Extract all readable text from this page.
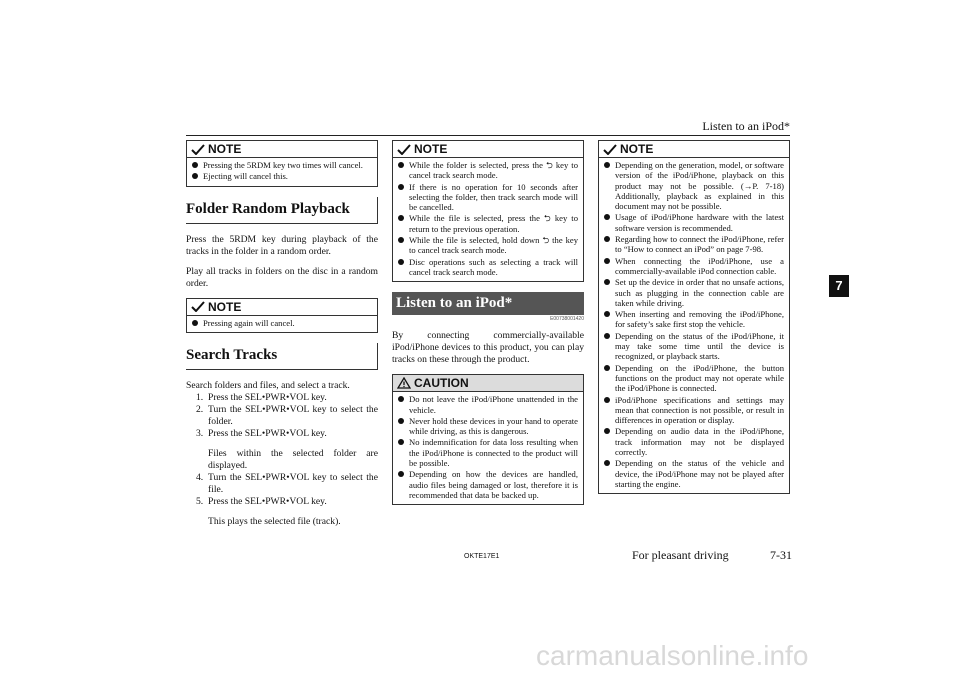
Listen to an iPod*
7
NOTE
Pressing the 5RDM key two times will cancel.
Ejecting will cancel this.
Folder Random Playback

Press the 5RDM key during playback of the tracks in the folder in a random order.

Play all tracks in folders on the disc in a random order.

NOTE
Pressing again will cancel.
Search Tracks

Search folders and files, and select a track.

1. Press the SEL•PWR•VOL key.
2. Turn the SEL•PWR•VOL key to select the folder.
3. Press the SEL•PWR•VOL key.
Files within the selected folder are displayed.
4. Turn the SEL•PWR•VOL key to select the file.
5. Press the SEL•PWR•VOL key.
This plays the selected file (track).
NOTE
While the folder is selected, press the ⮌ key to cancel track search mode.
If there is no operation for 10 seconds after selecting the folder, then track search mode will be cancelled.
While the file is selected, press the ⮌ key to return to the previous operation.
While the file is selected, hold down ⮌ the key to cancel track search mode.
Disc operations such as selecting a track will cancel track search mode.
Listen to an iPod*
E00738001420

By connecting commercially-available iPod/iPhone devices to this product, you can play tracks on these through the product.

CAUTION
Do not leave the iPod/iPhone unattended in the vehicle.
Never hold these devices in your hand to operate while driving, as this is dangerous.
No indemnification for data loss resulting when the iPod/iPhone is connected to the product will be possible.
Depending on how the devices are handled, audio files being damaged or lost, therefore it is recommended that data be backed up.
NOTE
Depending on the generation, model, or software version of the iPod/iPhone, playback on this product may not be possible. (→P. 7-18) Additionally, playback as explained in this document may not be possible.
Usage of iPod/iPhone hardware with the latest software version is recommended.
Regarding how to connect the iPod/iPhone, refer to “How to connect an iPod” on page 7-98.
When connecting the iPod/iPhone, use a commercially-available iPod connection cable.
Set up the device in order that no unsafe actions, such as plugging in the connection cable are taken while driving.
When inserting and removing the iPod/iPhone, for safety’s sake first stop the vehicle.
Depending on the status of the iPod/iPhone, it may take some time until the device is recognized, or playback starts.
Depending on the iPod/iPhone, the button functions on the product may not operate while the iPod/iPhone is connected.
iPod/iPhone specifications and settings may mean that connection is not possible, or result in differences in operation or display.
Depending on audio data in the iPod/iPhone, track information may not be displayed correctly.
Depending on the status of the vehicle and device, the iPod/iPhone may not be played after starting the engine.
OKTE17E1	For pleasant driving	7-31
carmanualsonline.info
